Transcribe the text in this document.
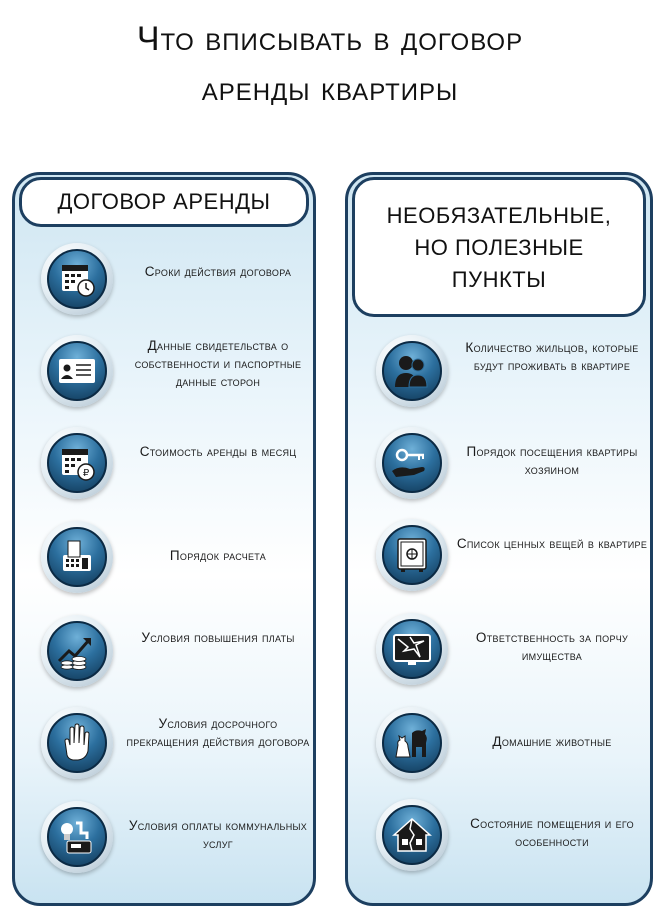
Что вписывать в договор
аренды квартиры
ДОГОВОР АРЕНДЫ
Сроки действия договора
Данные свидетельства о собственности и паспортные данные сторон
₽
Стоимость аренды в месяц
Порядок расчета
Условия повышения платы
Условия досрочного прекращения действия договора
Условия оплаты коммунальных услуг
НЕОБЯЗАТЕЛЬНЫЕ,
НО ПОЛЕЗНЫЕ
ПУНКТЫ
Количество жильцов, которые будут проживать в квартире
Порядок посещения квартиры хозяином
Список ценных вещей в квартире
Ответственность за порчу имущества
Домашние животные
Состояние помещения и его особенности
